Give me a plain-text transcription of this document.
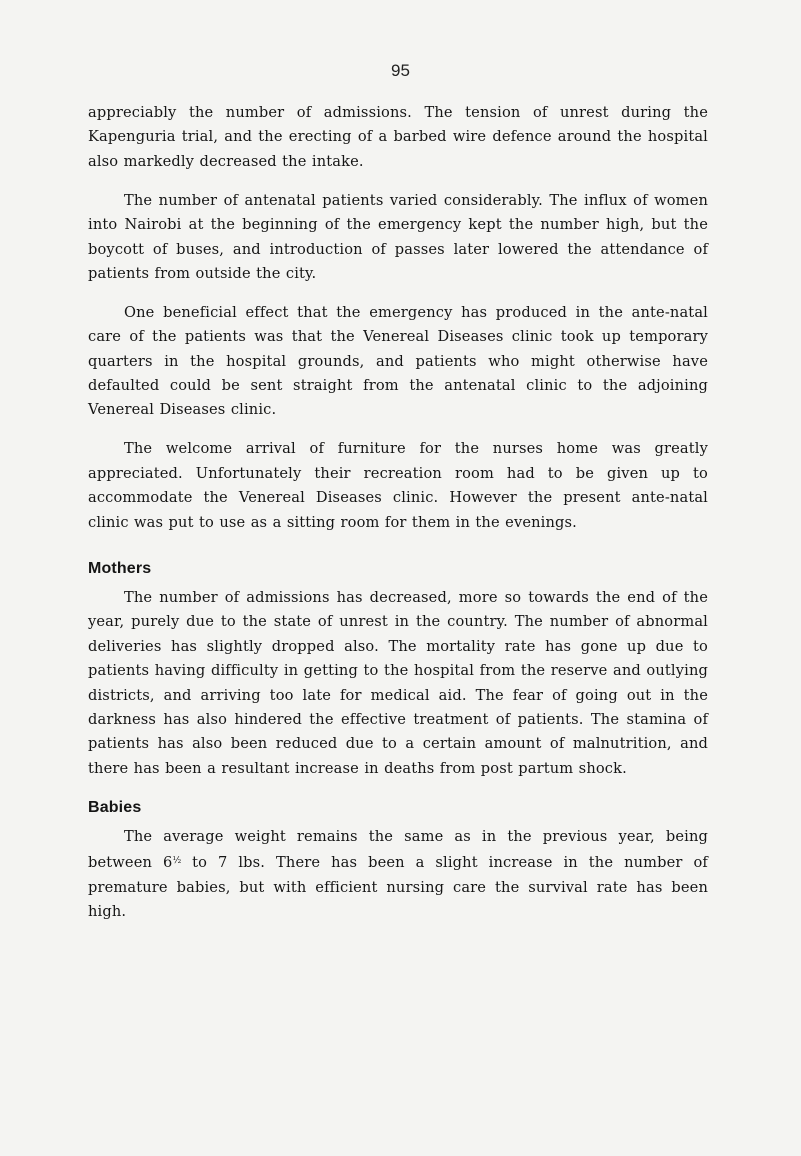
95

appreciably the number of admissions. The tension of unrest during the Kapenguria trial, and the erecting of a barbed wire defence around the hospital also markedly decreased the intake.

The number of antenatal patients varied considerably. The influx of women into Nairobi at the beginning of the emergency kept the number high, but the boycott of buses, and introduction of passes later lowered the attendance of patients from outside the city.

One beneficial effect that the emergency has produced in the ante-natal care of the patients was that the Venereal Diseases clinic took up temporary quarters in the hospital grounds, and patients who might otherwise have defaulted could be sent straight from the antenatal clinic to the adjoining Venereal Diseases clinic.

The welcome arrival of furniture for the nurses home was greatly appreciated. Unfortunately their recreation room had to be given up to accommodate the Venereal Diseases clinic. However the present ante-natal clinic was put to use as a sitting room for them in the evenings.

Mothers

The number of admissions has decreased, more so towards the end of the year, purely due to the state of unrest in the country. The number of abnormal deliveries has slightly dropped also. The mortality rate has gone up due to patients having difficulty in getting to the hospital from the reserve and outlying districts, and arriving too late for medical aid. The fear of going out in the darkness has also hindered the effective treatment of patients. The stamina of patients has also been reduced due to a certain amount of malnutrition, and there has been a resultant increase in deaths from post partum shock.

Babies

The average weight remains the same as in the previous year, being between $6^{\frac{1}{2}}$ to 7 lbs. There has been a slight increase in the number of premature babies, but with efficient nursing care the survival rate has been high.
